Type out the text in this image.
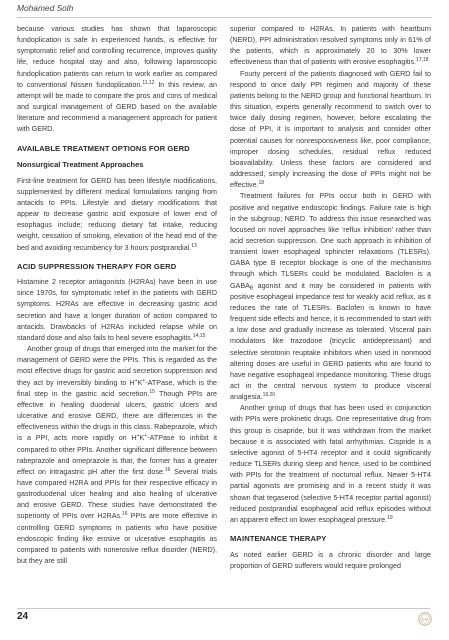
Mohamed Solh

because various studies has shown that laparoscopic fundoplication is safe in experienced hands, is effective for symptomatic relief and controlling recurrence, improves quality life, reduce hospital stay and also, following laparoscopic fundoplication patients can return to work earlier as compared to conventional Nissen fundoplication.$^{11,12}$ In this review, an attempt will be made to compare the pros and cons of medical and surgical management of GERD based on the available literature and recommend a management approach for patient with GERD.

AVAILABLE TREATMENT OPTIONS FOR GERD
Nonsurgical Treatment Approaches

First-line treatment for GERD has been lifestyle modifications, supplemented by different medical formulations ranging from antacids to PPIs. Lifestyle and dietary modifications that appear to decrease gastric acid exposure of lower end of esophagus include; reducing dietary fat intake, reducing weight, cessation of smoking, elevation of the head end of the bed and avoiding recumbency for 3 hours postprandial.$^{13}$

ACID SUPPRESSION THERAPY FOR GERD

Histamine 2 receptor antagonists (H2RAs) have been in use since 1970s, for symptomatic relief in the patients with GERD symptoms. H2RAs are effective in decreasing gastric acid secretion and have a longer duration of action compared to antacids. Drawbacks of H2RAs included relapse while on standard dose and also fails to heal severe esophagitis.$^{14,15}$

Another group of drugs that emerged into the market for the management of GERD were the PPIs. This is regarded as the most effective drugs for gastric acid secretion suppression and they act by irreversibly binding to H+K+-ATPase, which is the final step in the gastric acid secretion.$^{15}$ Though PPIs are effective in healing duodenal ulcers, gastric ulcers and ulcerative and erosive GERD, there are differences in the effectiveness within the drugs in this class. Rabeprazole, which is a PPI, acts more rapidly on H+K+-ATPase to inhibit it compared to other PPIs. Another significant difference between rabeprazole and omeprazole is that, the former has a greater effect on intragastric pH after the first dose.$^{16}$ Several trials have compared H2RA and PPIs for their respective efficacy in gastroduodenal ulcer healing and also healing of ulcerative and erosive GERD. These studies have demonstrated the superiority of PPIs over H2RAs.$^{16}$ PPIs are more effective in controlling GERD symptoms in patients who have positive endoscopic finding like erosive or ulcerative esophagitis as compared to patients with nonerosive reflux disorder (NERD), but they are still

superior compared to H2RAs. In patients with heartburn (NERD), PPI administration resolved symptoms only in 61% of the patients, which is approximately 20 to 30% lower effectiveness than that of patients with erosive esophagitis.$^{17,18}$

Fourty percent of the patients diagnosed with GERD fail to respond to once daily PPI regimen and majority of these patients belong to the NERD group and functional heartburn. In this situation, experts generally recommend to switch over to twice daily dosing regimen, however, before escalating the dose of PPI, it is important to analysis and consider other potential causes for nonresponsiveness like, poor compliance, improper dosing schedules, residual reflux reduced bioavailability. Unless these factors are considered and addressed, simply increasing the dose of PPIs might not be effective.$^{18}$

Treatment failures for PPIs occur both in GERD with positive and negative endoscopic findings. Failure rate is high in the subgroup; NERD. To address this issue researched was focused on novel approaches like ‘reflux inhibition’ rather than acid secretion suppression. One such approach is inhibition of transient lower esophageal sphincter relaxations (TLESRs). GABA type B receptor blockage is one of the mechanisms through which TLSERs could be modulated. Baclofen is a $GABA_B$ agonist and it may be considered in patients with positive esophageal impedance test for weakly acid reflux, as it reduces the rate of TLESRs. Baclofen is known to have frequent side effects and hence, it is recommended to start with a low dose and gradually increase as tolerated. Visceral pain modulators like trazodone (tricyclic antidepressant) and selective serotonin reuptake inhibitors when used in nonmood altering doses are useful in GERD patients who are found to have negative esophageal impedance monitoring. These drugs act in the central nervous system to produce visceral analgesia.$^{19,20}$

Another group of drugs that has been used in conjunction with PPIs were prokinetic drugs. One representative drug from this group is cisapride, but it was withdrawn from the market because it is associated with fatal arrhythmias. Cispride is a selective agonist of 5-HT4 receptor and it could significantly reduce TLSERs during sleep and hence, used to be combined with PPIs for the treatment of nocturnal reflux. Newer 5-HT4 partial agonists are promising and in a recent study it was shown that tegaserod (selective 5-HT4 receptor partial agonist) reduced postprandial esophageal acid reflux episodes without an apparent effect on lower esophageal pressure.$^{19}$

MAINTENANCE THERAPY

As noted earlier GERD is a chronic disorder and large proportion of GERD sufferers would require prolonged

24	JSPE
